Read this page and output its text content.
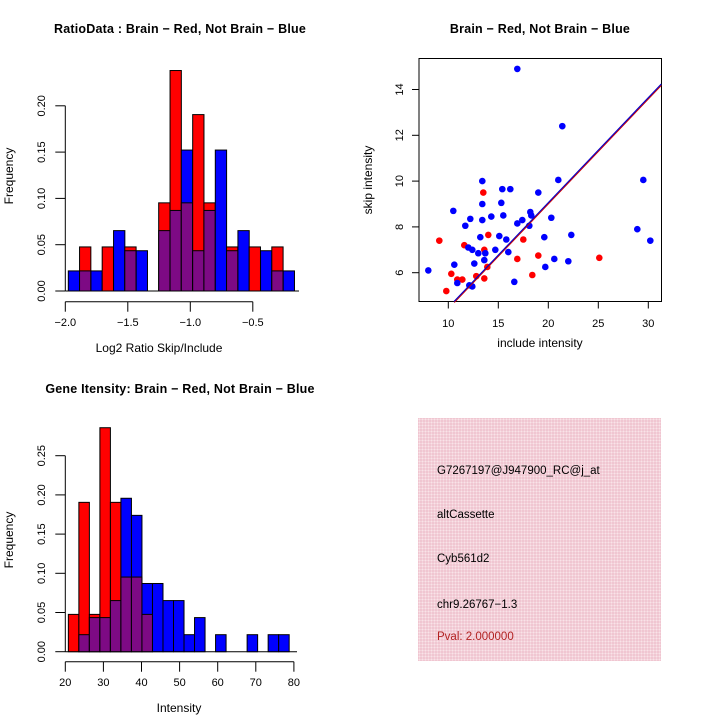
RatioData : Brain − Red, Not Brain − Blue
0.00
0.05
0.10
0.15
0.20
−2.0	−1.5	−1.0	−0.5
Log2 Ratio Skip/Include
Frequency
Brain − Red, Not Brain − Blue
10	15	20	25	30
6
8
10
12
14
include intensity
skip intensity
Gene Itensity: Brain − Red, Not Brain − Blue
0.00
0.05
0.10
0.15
0.20
0.25
20 30 40 50 60 70 80
Intensity
Frequency
G7267197@J947900_RC@j_at
altCassette
Cyb561d2
chr9.26767−1.3
Pval: 2.000000
